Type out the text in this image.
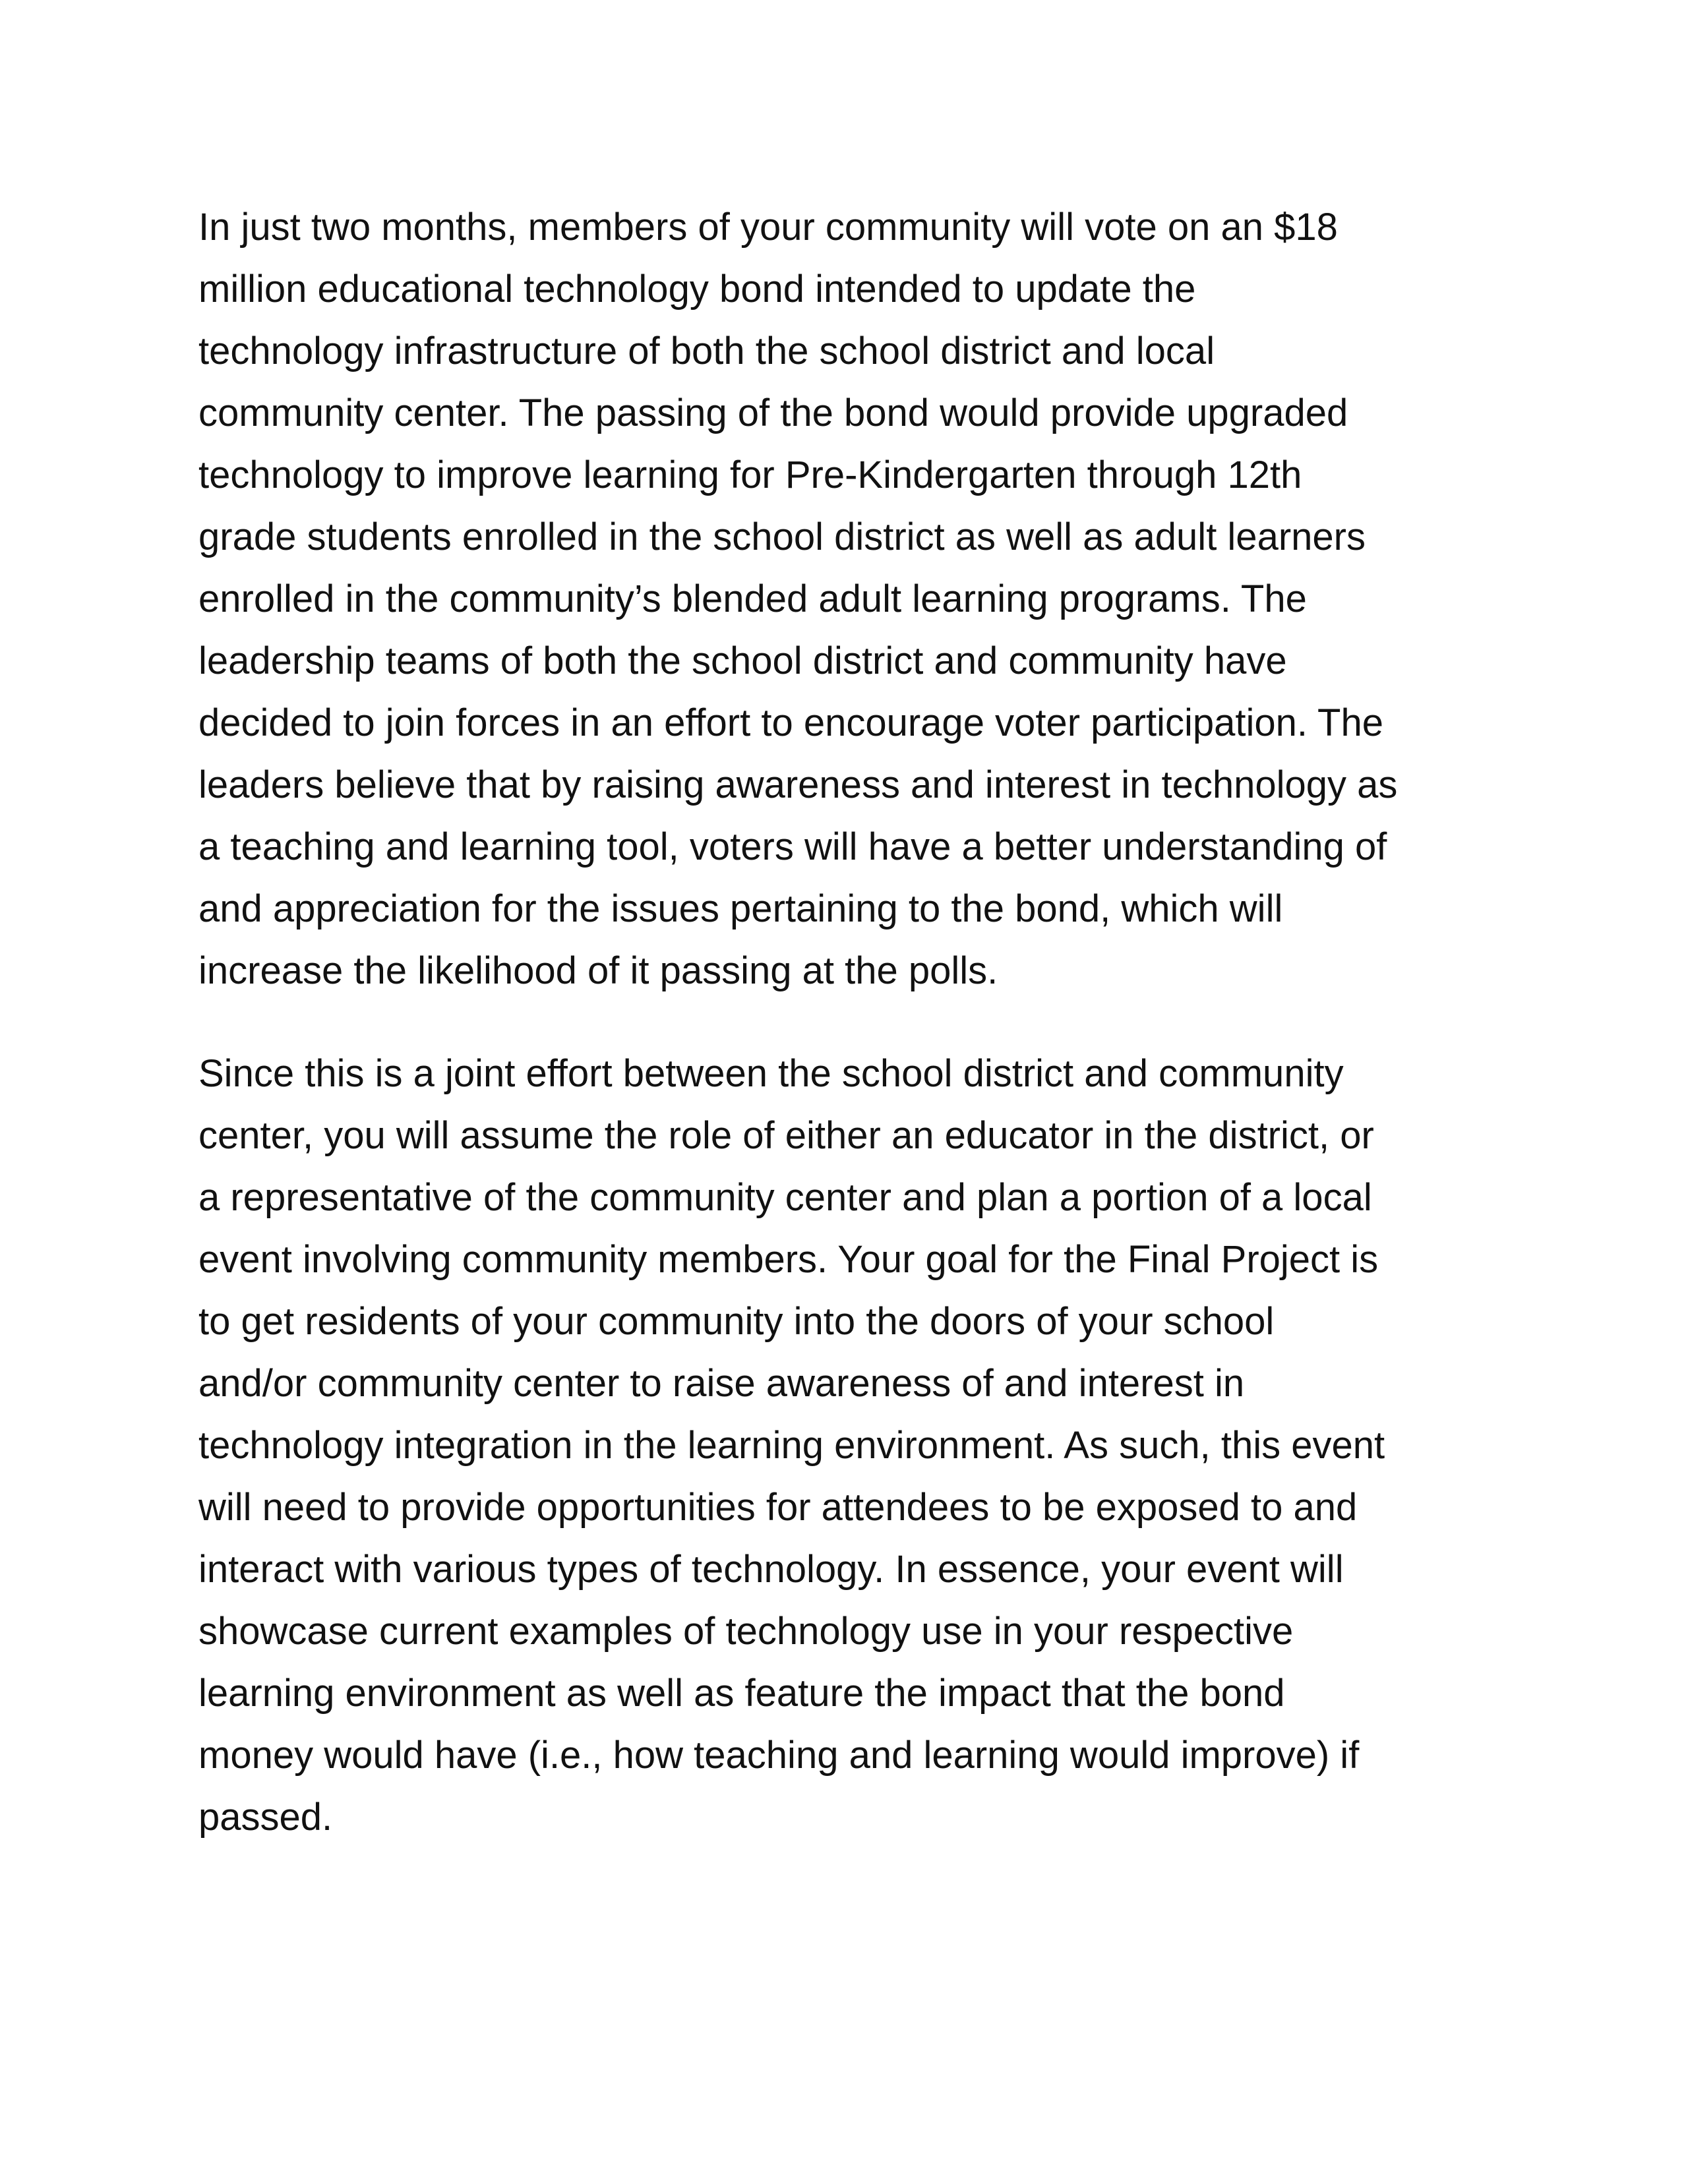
In just two months, members of your community will vote on an $18
million educational technology bond intended to update the
technology infrastructure of both the school district and local
community center. The passing of the bond would provide upgraded
technology to improve learning for Pre-Kindergarten through 12th
grade students enrolled in the school district as well as adult learners
enrolled in the community’s blended adult learning programs. The
leadership teams of both the school district and community have
decided to join forces in an effort to encourage voter participation. The
leaders believe that by raising awareness and interest in technology as
a teaching and learning tool, voters will have a better understanding of
and appreciation for the issues pertaining to the bond, which will
increase the likelihood of it passing at the polls.
Since this is a joint effort between the school district and community
center, you will assume the role of either an educator in the district, or
a representative of the community center and plan a portion of a local
event involving community members. Your goal for the Final Project is
to get residents of your community into the doors of your school
and/or community center to raise awareness of and interest in
technology integration in the learning environment. As such, this event
will need to provide opportunities for attendees to be exposed to and
interact with various types of technology. In essence, your event will
showcase current examples of technology use in your respective
learning environment as well as feature the impact that the bond
money would have (i.e., how teaching and learning would improve) if
passed.
